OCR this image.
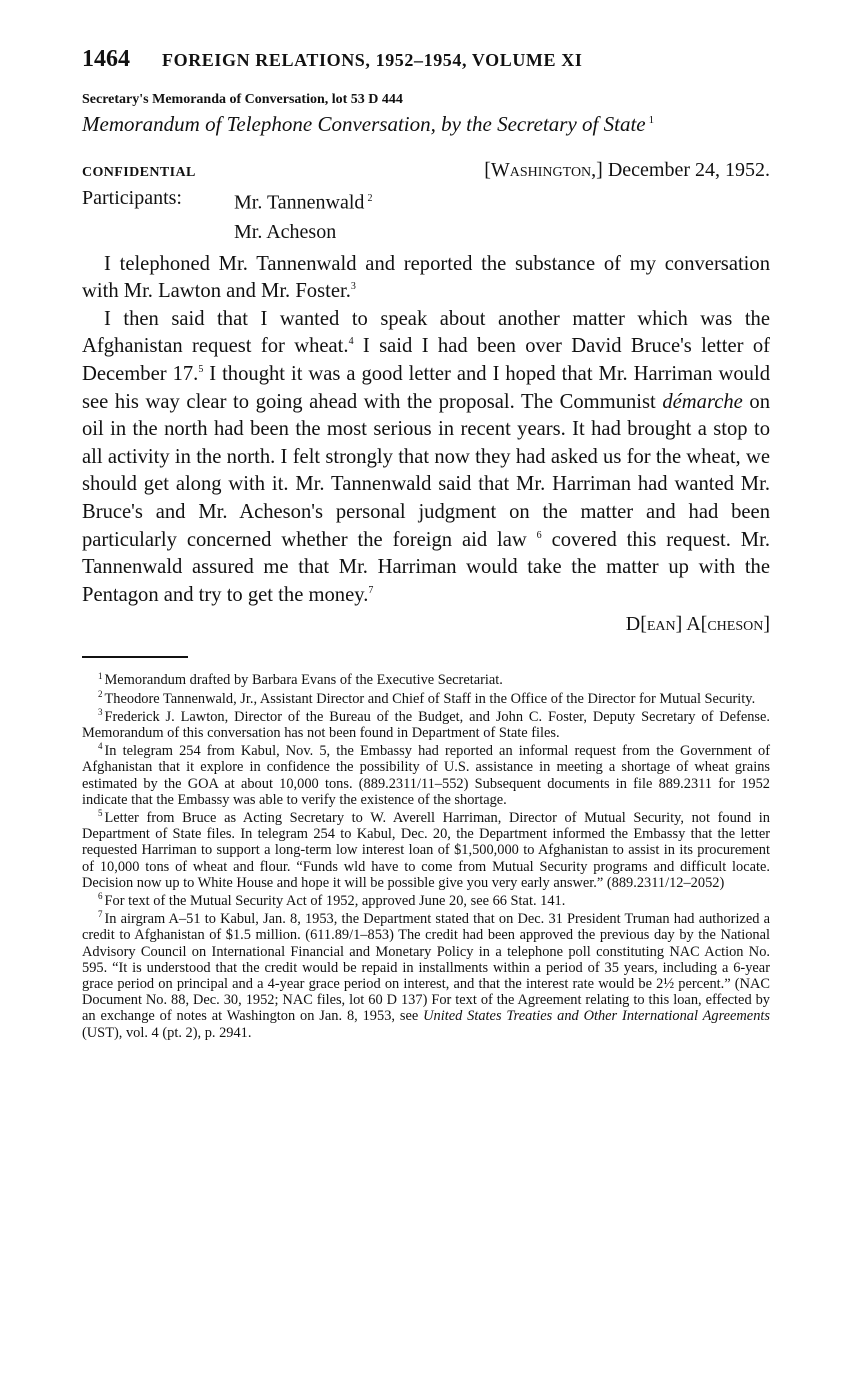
1464 FOREIGN RELATIONS, 1952–1954, VOLUME XI
Secretary's Memoranda of Conversation, lot 53 D 444
Memorandum of Telephone Conversation, by the Secretary of State $^1$
CONFIDENTIAL	[Washington,] December 24, 1952.
Participants:	Mr. Tannenwald $^2$
Mr. Acheson

I telephoned Mr. Tannenwald and reported the substance of my conversation with Mr. Lawton and Mr. Foster.$^3$

I then said that I wanted to speak about another matter which was the Afghanistan request for wheat.$^4$ I said I had been over David Bruce's letter of December 17.$^5$ I thought it was a good letter and I hoped that Mr. Harriman would see his way clear to going ahead with the proposal. The Communist démarche on oil in the north had been the most serious in recent years. It had brought a stop to all activity in the north. I felt strongly that now they had asked us for the wheat, we should get along with it. Mr. Tannenwald said that Mr. Harriman had wanted Mr. Bruce's and Mr. Acheson's personal judgment on the matter and had been particularly concerned whether the foreign aid law $^6$ covered this request. Mr. Tannenwald assured me that Mr. Harriman would take the matter up with the Pentagon and try to get the money.$^7$

D[ean] A[cheson]

$^1$ Memorandum drafted by Barbara Evans of the Executive Secretariat.

$^2$ Theodore Tannenwald, Jr., Assistant Director and Chief of Staff in the Office of the Director for Mutual Security.

$^3$ Frederick J. Lawton, Director of the Bureau of the Budget, and John C. Foster, Deputy Secretary of Defense. Memorandum of this conversation has not been found in Department of State files.

$^4$ In telegram 254 from Kabul, Nov. 5, the Embassy had reported an informal request from the Government of Afghanistan that it explore in confidence the possibility of U.S. assistance in meeting a shortage of wheat grains estimated by the GOA at about 10,000 tons. (889.2311/11–552) Subsequent documents in file 889.2311 for 1952 indicate that the Embassy was able to verify the existence of the shortage.

$^5$ Letter from Bruce as Acting Secretary to W. Averell Harriman, Director of Mutual Security, not found in Department of State files. In telegram 254 to Kabul, Dec. 20, the Department informed the Embassy that the letter requested Harriman to support a long-term low interest loan of $1,500,000 to Afghanistan to assist in its procurement of 10,000 tons of wheat and flour. “Funds wld have to come from Mutual Security programs and difficult locate. Decision now up to White House and hope it will be possible give you very early answer.” (889.2311/12–2052)

$^6$ For text of the Mutual Security Act of 1952, approved June 20, see 66 Stat. 141.

$^7$ In airgram A–51 to Kabul, Jan. 8, 1953, the Department stated that on Dec. 31 President Truman had authorized a credit to Afghanistan of $1.5 million. (611.89/1–853) The credit had been approved the previous day by the National Advisory Council on International Financial and Monetary Policy in a telephone poll constituting NAC Action No. 595. “It is understood that the credit would be repaid in installments within a period of 35 years, including a 6-year grace period on principal and a 4-year grace period on interest, and that the interest rate would be 2½ percent.” (NAC Document No. 88, Dec. 30, 1952; NAC files, lot 60 D 137) For text of the Agreement relating to this loan, effected by an exchange of notes at Washington on Jan. 8, 1953, see United States Treaties and Other International Agreements (UST), vol. 4 (pt. 2), p. 2941.
